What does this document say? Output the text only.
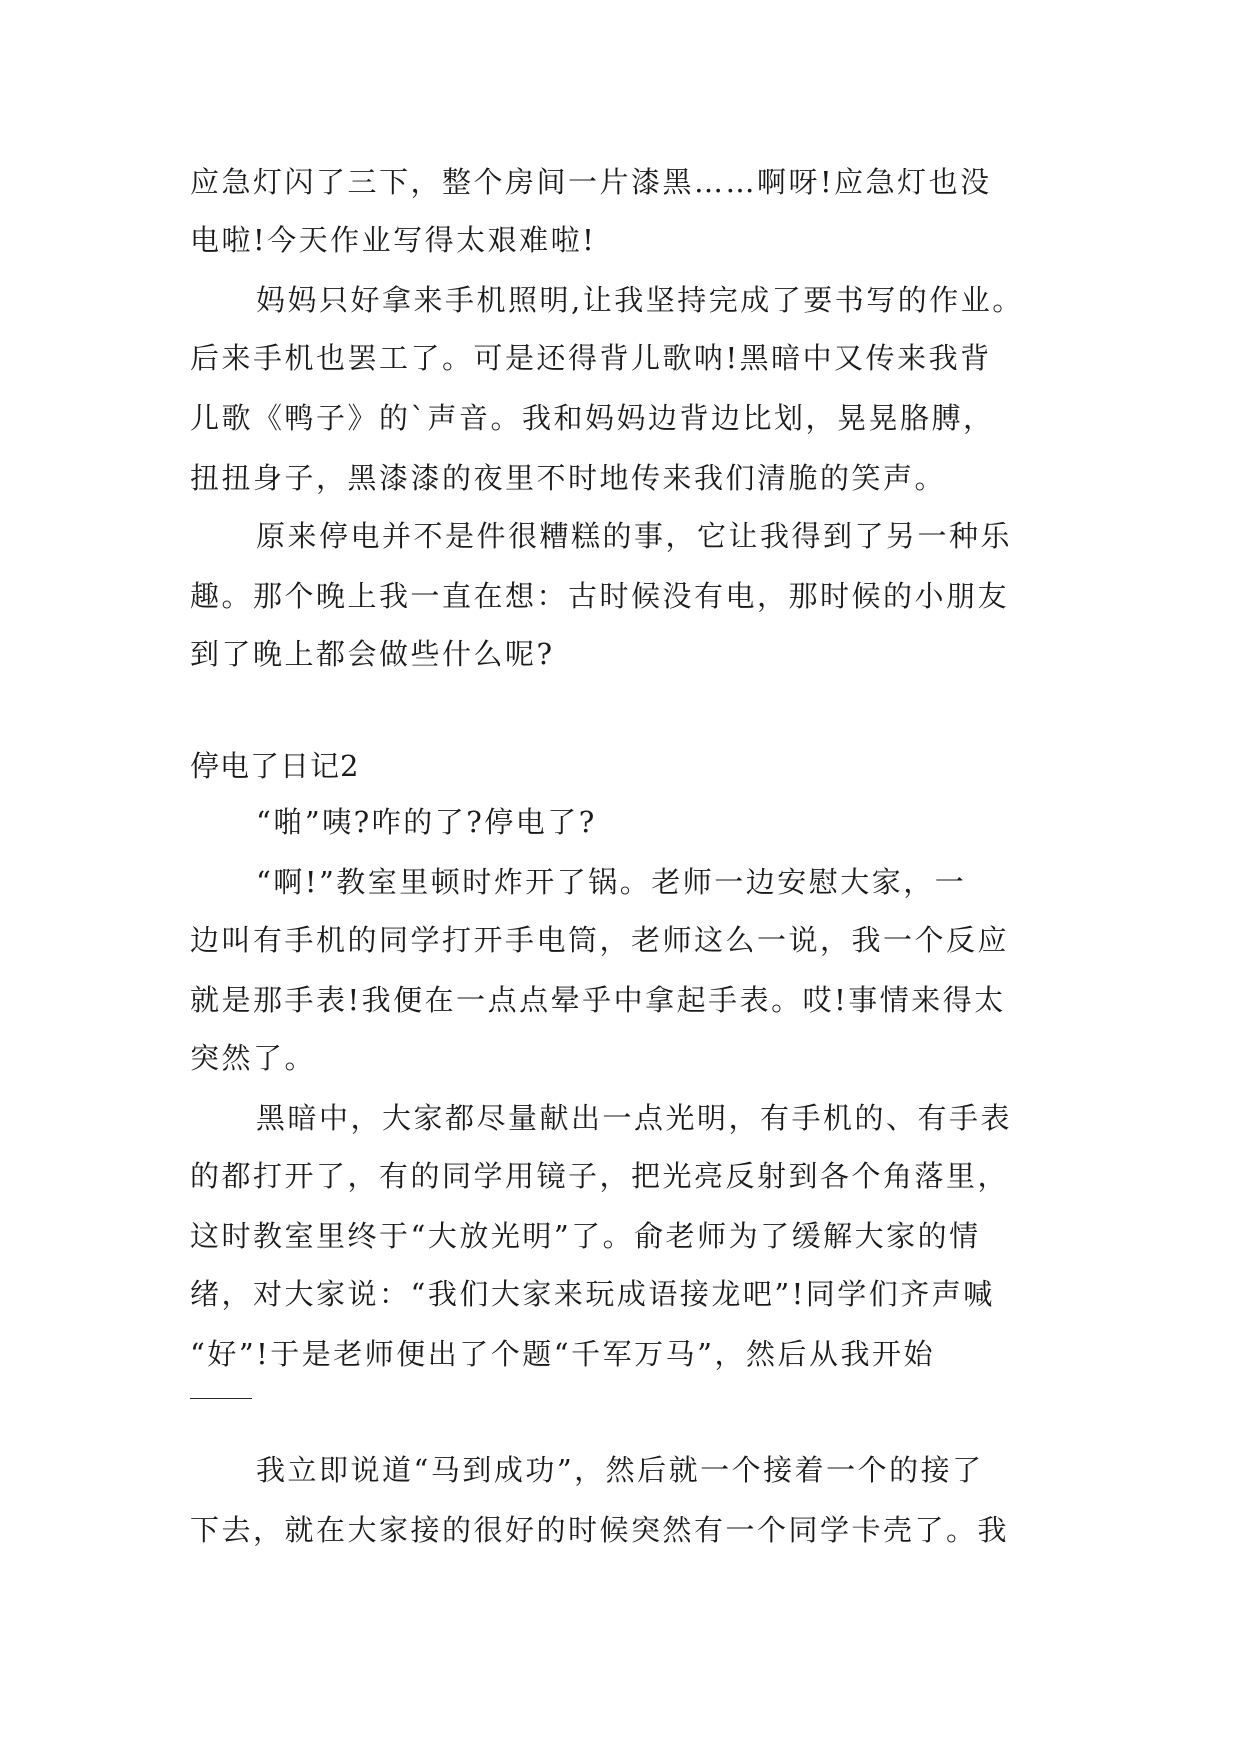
应急灯闪了三下，整个房间一片漆黑……啊呀!应急灯也没
电啦!今天作业写得太艰难啦!
妈妈只好拿来手机照明,让我坚持完成了要书写的作业。
后来手机也罢工了。可是还得背儿歌呐!黑暗中又传来我背
儿歌《鸭子》的`声音。我和妈妈边背边比划，晃晃胳膊，
扭扭身子，黑漆漆的夜里不时地传来我们清脆的笑声。
原来停电并不是件很糟糕的事，它让我得到了另一种乐
趣。那个晚上我一直在想：古时候没有电，那时候的小朋友
到了晚上都会做些什么呢?
停电了日记2
“啪”咦?咋的了?停电了?
“啊!”教室里顿时炸开了锅。老师一边安慰大家，一
边叫有手机的同学打开手电筒，老师这么一说，我一个反应
就是那手表!我便在一点点晕乎中拿起手表。哎!事情来得太
突然了。
黑暗中，大家都尽量献出一点光明，有手机的、有手表
的都打开了，有的同学用镜子，把光亮反射到各个角落里，
这时教室里终于“大放光明”了。俞老师为了缓解大家的情
绪，对大家说：“我们大家来玩成语接龙吧”!同学们齐声喊
“好”!于是老师便出了个题“千军万马”，然后从我开始
我立即说道“马到成功”，然后就一个接着一个的接了
下去，就在大家接的很好的时候突然有一个同学卡壳了。我
